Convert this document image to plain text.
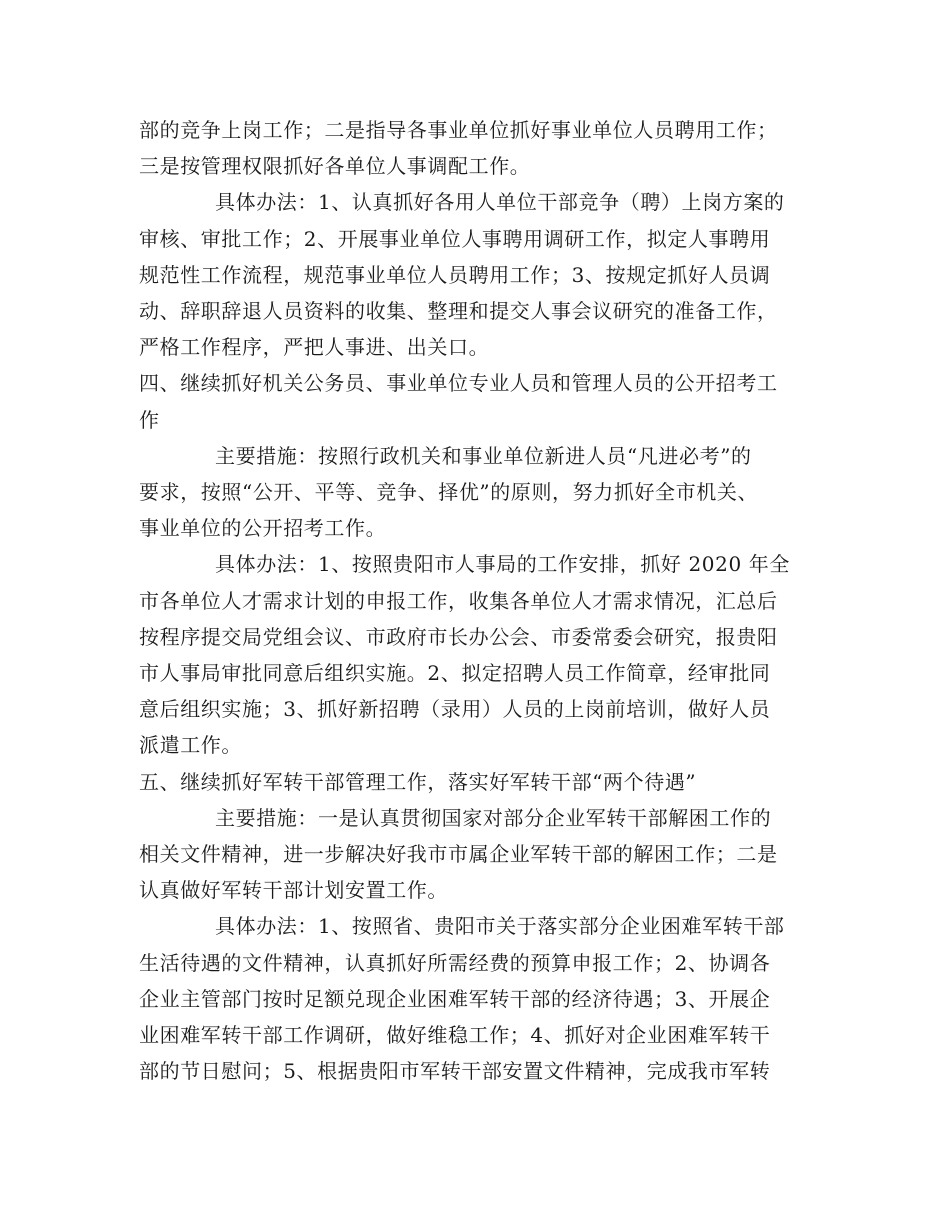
部的竞争上岗工作；二是指导各事业单位抓好事业单位人员聘用工作；
三是按管理权限抓好各单位人事调配工作。
具体办法：1、认真抓好各用人单位干部竞争（聘）上岗方案的
审核、审批工作；2、开展事业单位人事聘用调研工作，拟定人事聘用
规范性工作流程，规范事业单位人员聘用工作；3、按规定抓好人员调
动、辞职辞退人员资料的收集、整理和提交人事会议研究的准备工作，
严格工作程序，严把人事进、出关口。
四、继续抓好机关公务员、事业单位专业人员和管理人员的公开招考工
作
主要措施：按照行政机关和事业单位新进人员“凡进必考”的
要求，按照“公开、平等、竞争、择优”的原则，努力抓好全市机关、
事业单位的公开招考工作。
具体办法：1、按照贵阳市人事局的工作安排，抓好 2020 年全
市各单位人才需求计划的申报工作，收集各单位人才需求情况，汇总后
按程序提交局党组会议、市政府市长办公会、市委常委会研究，报贵阳
市人事局审批同意后组织实施。2、拟定招聘人员工作简章，经审批同
意后组织实施；3、抓好新招聘（录用）人员的上岗前培训，做好人员
派遣工作。
五、继续抓好军转干部管理工作，落实好军转干部“两个待遇”
主要措施：一是认真贯彻国家对部分企业军转干部解困工作的
相关文件精神，进一步解决好我市市属企业军转干部的解困工作；二是
认真做好军转干部计划安置工作。
具体办法：1、按照省、贵阳市关于落实部分企业困难军转干部
生活待遇的文件精神，认真抓好所需经费的预算申报工作；2、协调各
企业主管部门按时足额兑现企业困难军转干部的经济待遇；3、开展企
业困难军转干部工作调研，做好维稳工作；4、抓好对企业困难军转干
部的节日慰问；5、根据贵阳市军转干部安置文件精神，完成我市军转
